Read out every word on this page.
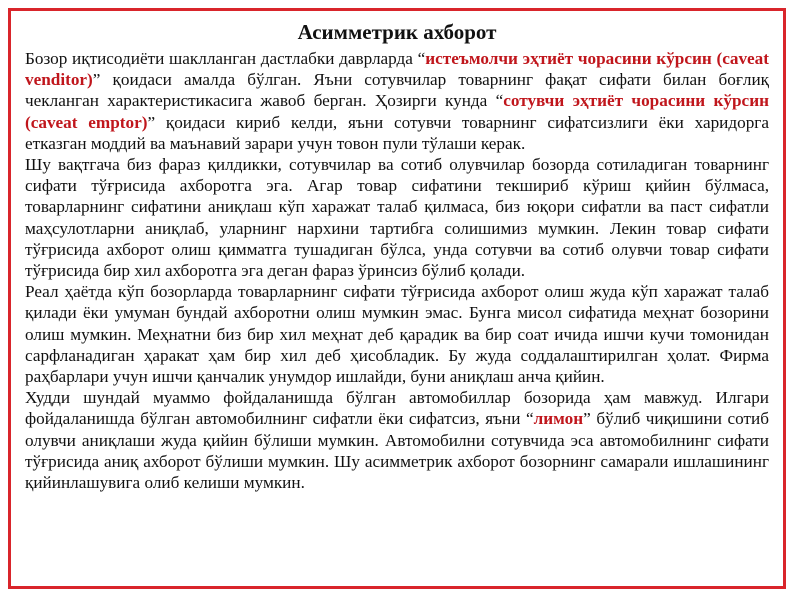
Асимметрик ахборот

Бозор иқтисодиёти шаклланган дастлабки даврларда “истеъмолчи эҳтиёт чорасини кўрсин (caveat venditor)” қоидаси амалда бўлган. Яъни сотувчилар товарнинг фақат сифати билан боғлиқ чекланган характеристикасига жавоб берган. Ҳозирги кунда “сотувчи эҳтиёт чорасини кўрсин (caveat emptor)” қоидаси кириб келди, яъни сотувчи товарнинг сифатсизлиги ёки харидорга етказган моддий ва маънавий зарари учун товон пули тўлаши керак.

Шу вақтгача биз фараз қилдикки, сотувчилар ва сотиб олувчилар бозорда сотиладиган товарнинг сифати тўғрисида ахборотга эга. Агар товар сифатини текшириб кўриш қийин бўлмаса, товарларнинг сифатини аниқлаш кўп харажат талаб қилмаса, биз юқори сифатли ва паст сифатли маҳсулотларни аниқлаб, уларнинг нархини тартибга солишимиз мумкин. Лекин товар сифати тўғрисида ахборот олиш қимматга тушадиган бўлса, унда сотувчи ва сотиб олувчи товар сифати тўғрисида бир хил ахборотга эга деган фараз ўринсиз бўлиб қолади.

Реал ҳаётда кўп бозорларда товарларнинг сифати тўғрисида ахборот олиш жуда кўп харажат талаб қилади ёки умуман бундай ахборотни олиш мумкин эмас. Бунга мисол сифатида меҳнат бозорини олиш мумкин. Меҳнатни биз бир хил меҳнат деб қарадик ва бир соат ичида ишчи кучи томонидан сарфланадиган ҳаракат ҳам бир хил деб ҳисобладик. Бу жуда соддалаштирилган ҳолат. Фирма раҳбарлари учун ишчи қанчалик унумдор ишлайди, буни аниқлаш анча қийин.

Худди шундай муаммо фойдаланишда бўлган автомобиллар бозорида ҳам мавжуд. Илгари фойдаланишда бўлган автомобилнинг сифатли ёки сифатсиз, яъни “лимон” бўлиб чиқишини сотиб олувчи аниқлаши жуда қийин бўлиши мумкин. Автомобилни сотувчида эса автомобилнинг сифати тўғрисида аниқ ахборот бўлиши мумкин. Шу асимметрик ахборот бозорнинг самарали ишлашининг қийинлашувига олиб келиши мумкин.
